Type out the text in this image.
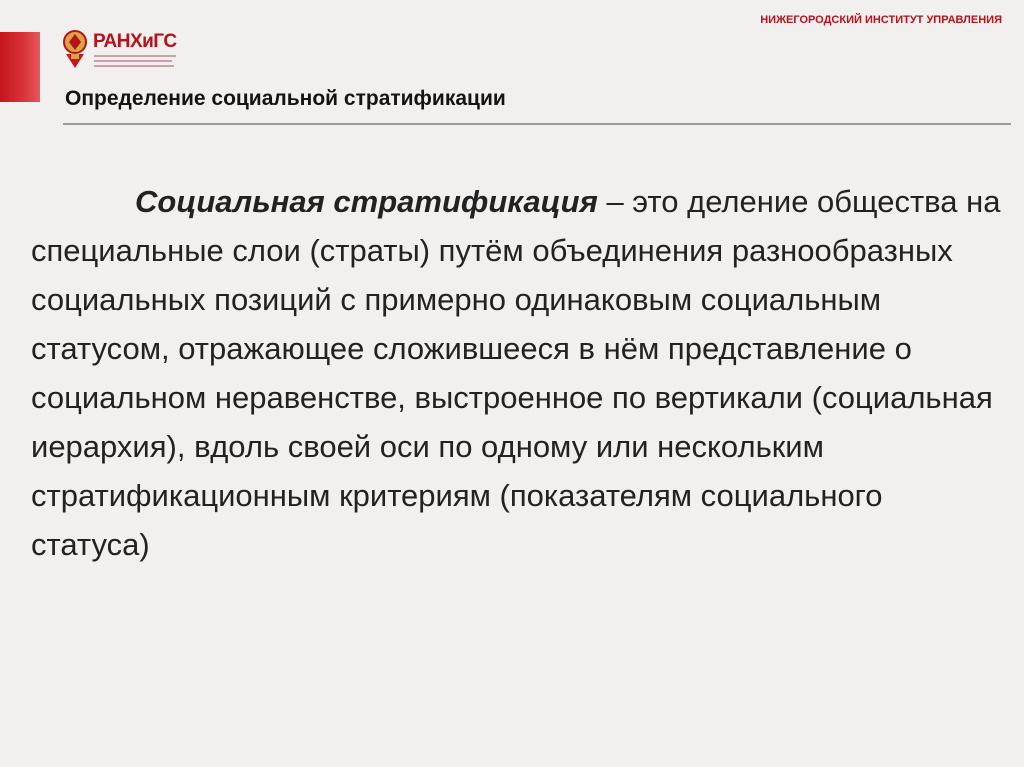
РАНХиГС
НИЖЕГОРОДСКИЙ ИНСТИТУТ УПРАВЛЕНИЯ
Определение социальной стратификации

Социальная стратификация – это деление общества на специальные слои (страты) путём объединения разнообразных социальных позиций с примерно одинаковым социальным статусом, отражающее сложившееся в нём представление о социальном неравенстве, выстроенное по вертикали (социальная иерархия), вдоль своей оси по одному или нескольким стратификационным критериям (показателям социального статуса)
